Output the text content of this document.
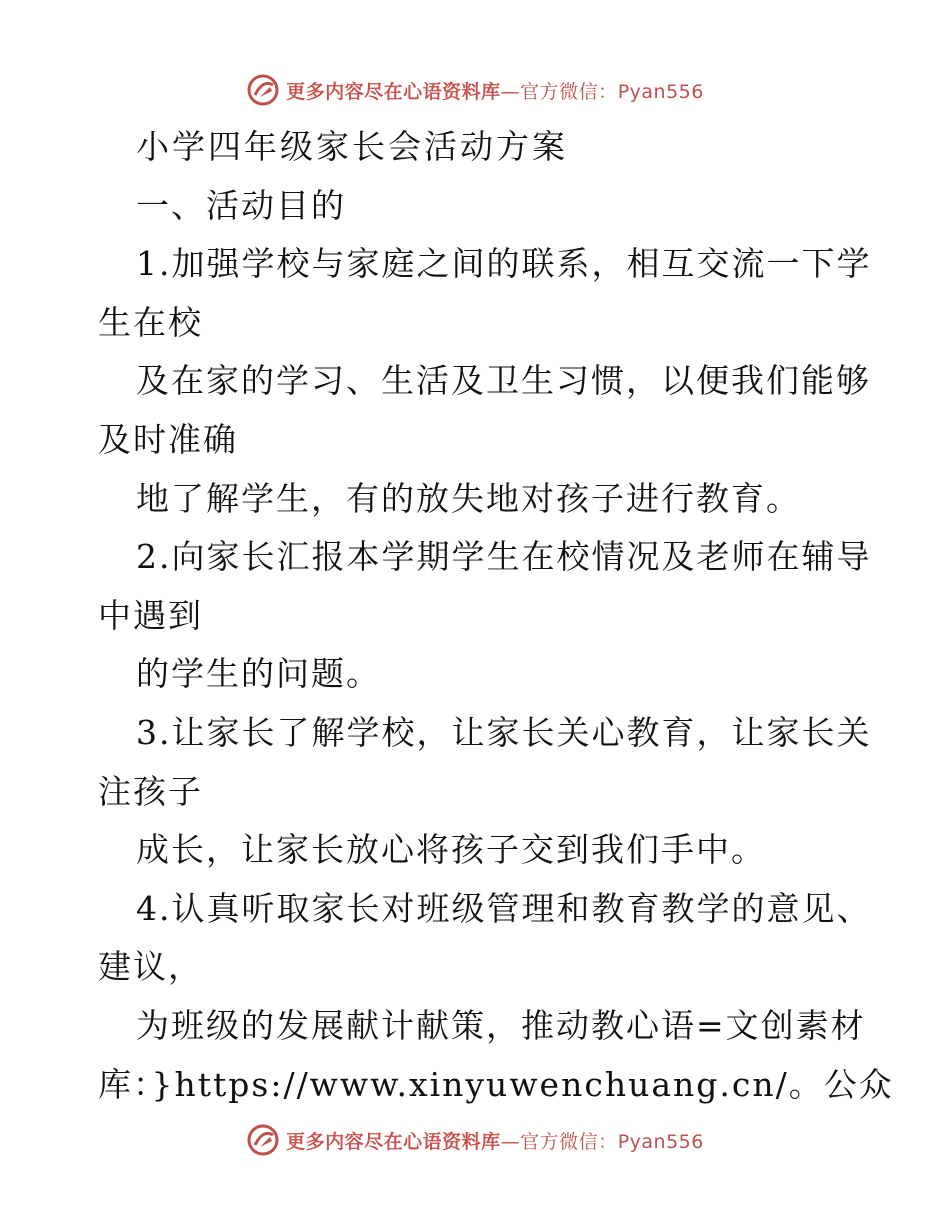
更多内容尽在心语资料库—官方微信：Pyan556
小学四年级家长会活动方案
一、活动目的
1.加强学校与家庭之间的联系，相互交流一下学
生在校
及在家的学习、生活及卫生习惯，以便我们能够
及时准确
地了解学生，有的放失地对孩子进行教育。
2.向家长汇报本学期学生在校情况及老师在辅导
中遇到
的学生的问题。
3.让家长了解学校，让家长关心教育，让家长关
注孩子
成长，让家长放心将孩子交到我们手中。
4.认真听取家长对班级管理和教育教学的意见、
建议，
为班级的发展献计献策，推动教心语=文创素材
库：}https://www.xinyuwenchuang.cn/。公众
更多内容尽在心语资料库—官方微信：Pyan556
